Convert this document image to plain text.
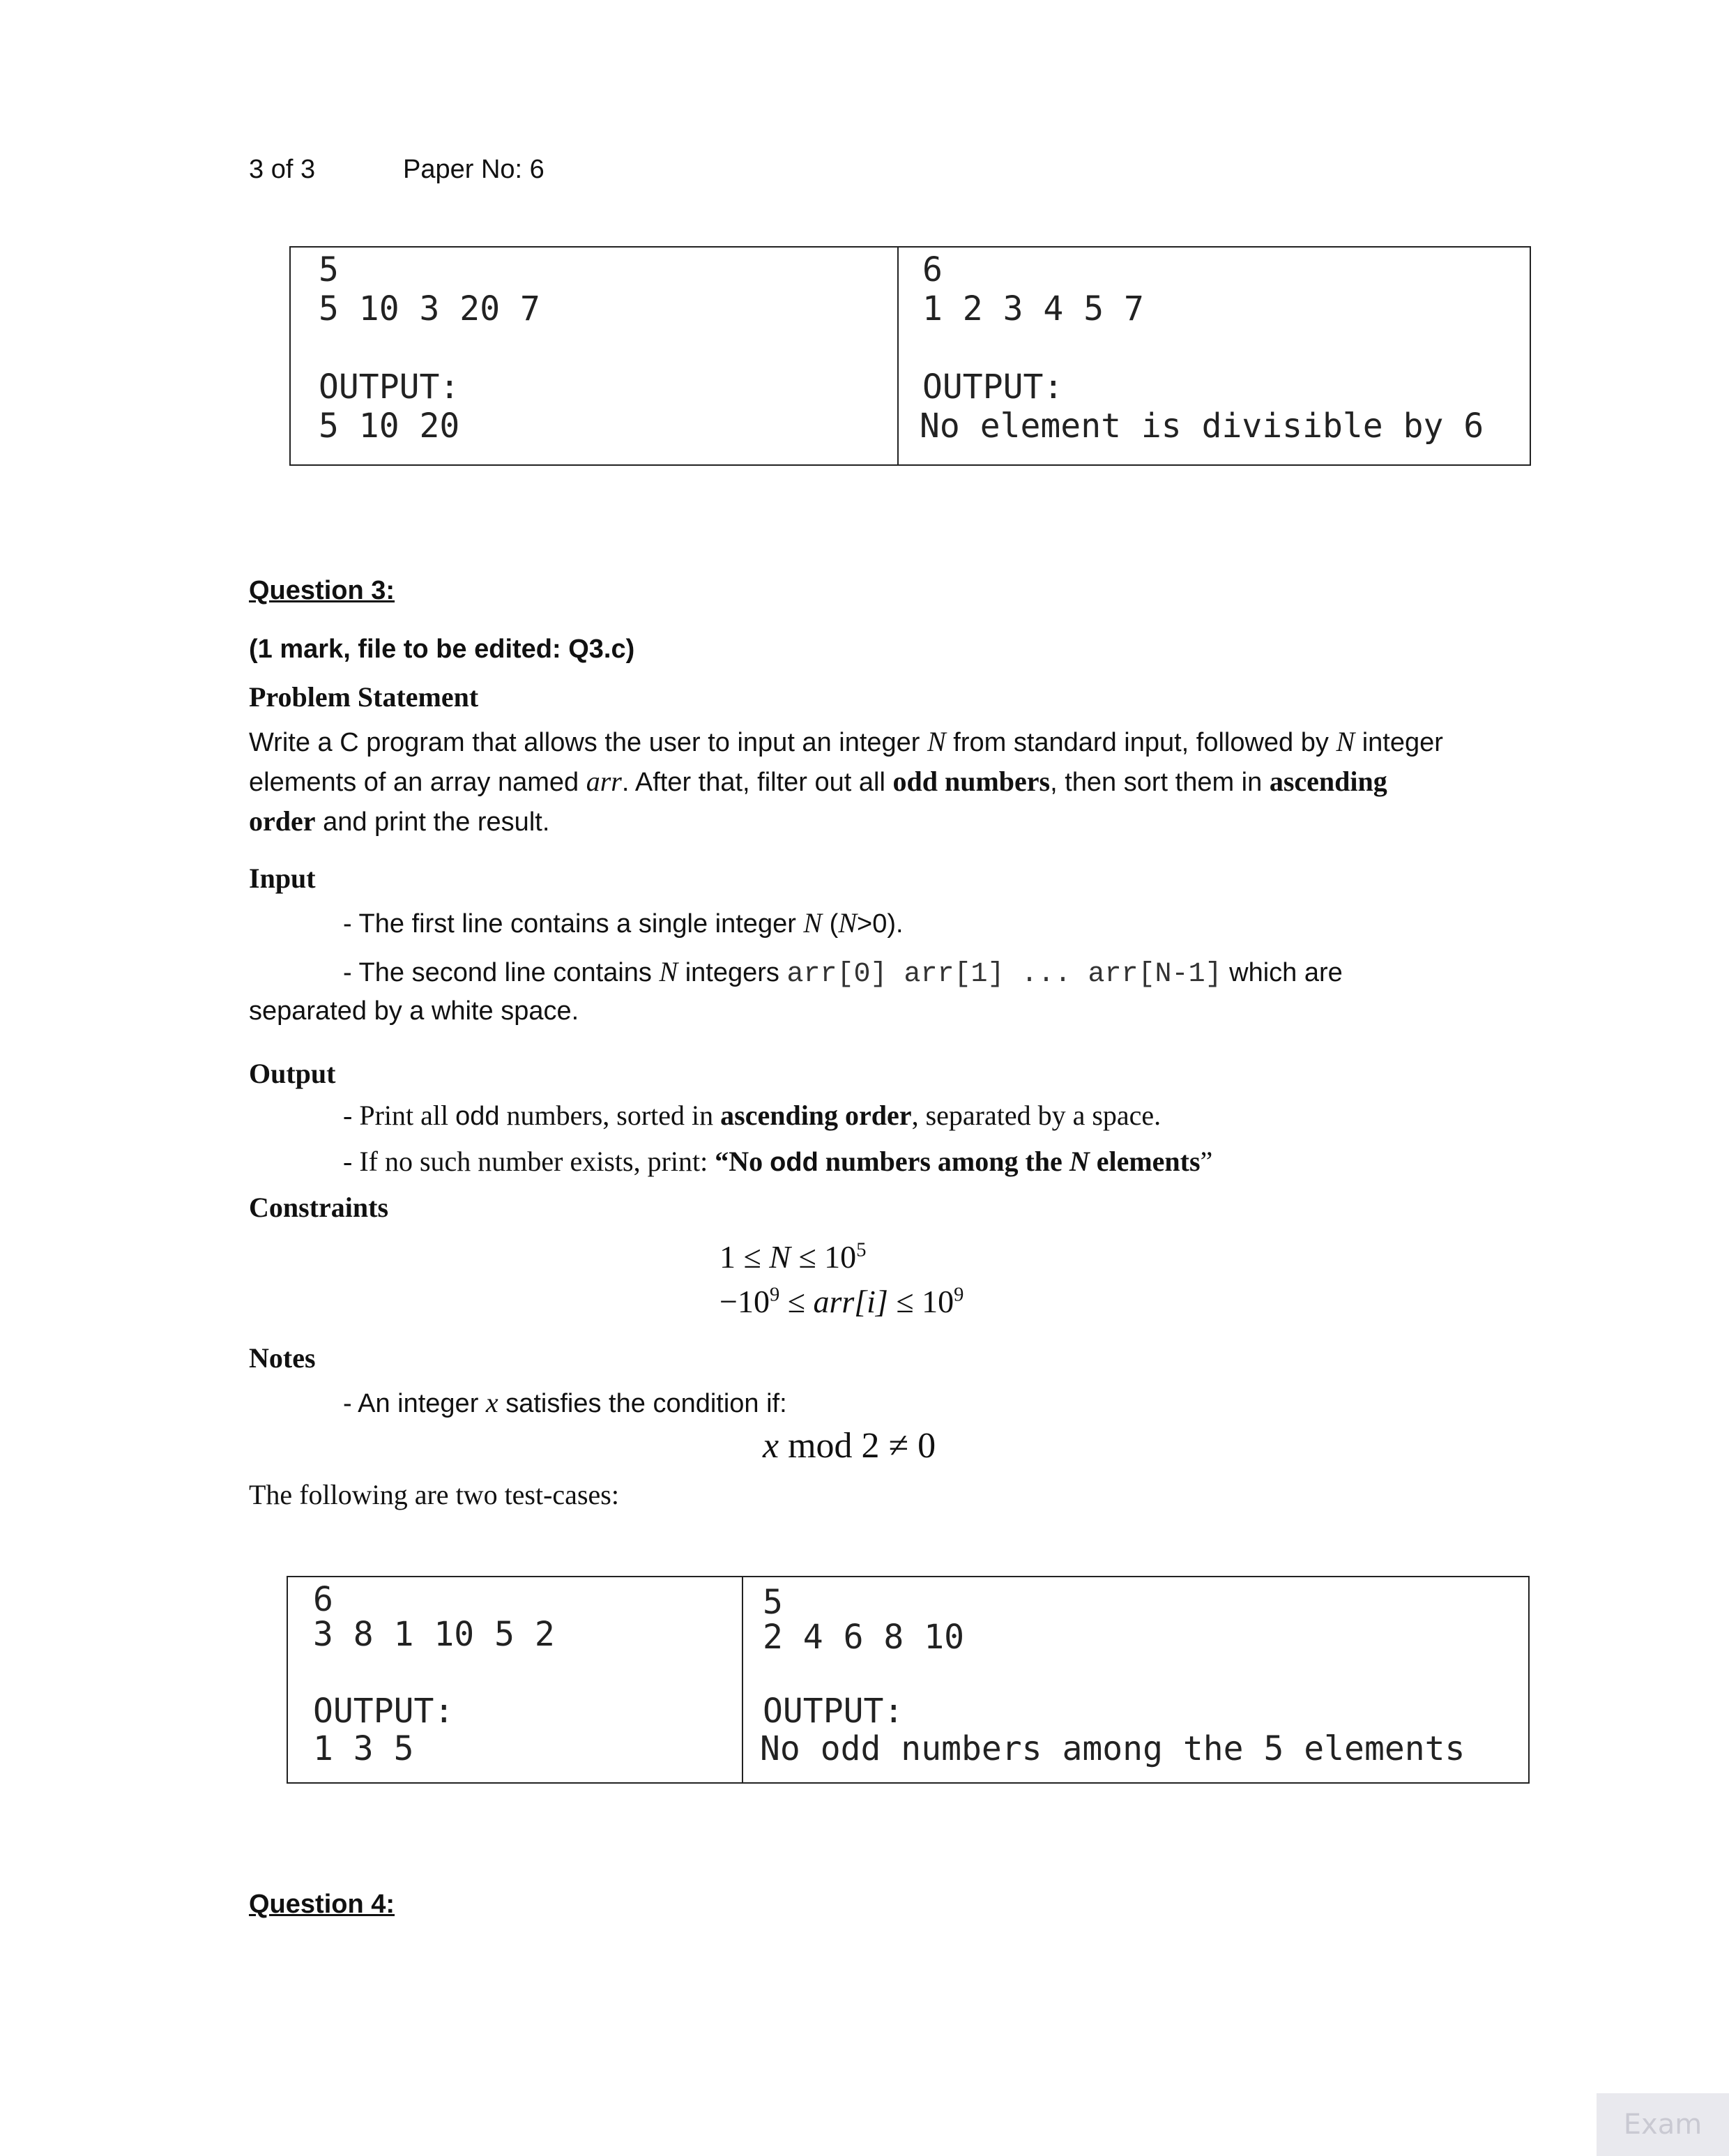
3 of 3	Paper No: 6
5
5 10 3 20 7
OUTPUT:
5 10 20
6
1 2 3 4 5 7
OUTPUT:
No element is divisible by 6
Question 3:
(1 mark, file to be edited: Q3.c)
Problem Statement
Write a C program that allows the user to input an integer N from standard input, followed by N integer
elements of an array named arr. After that, filter out all odd numbers, then sort them in ascending
order and print the result.
Input
- The first line contains a single integer N (N>0).
- The second line contains N integers arr[0] arr[1] ... arr[N-1] which are
separated by a white space.
Output
- Print all odd numbers, sorted in ascending order, separated by a space.
- If no such number exists, print: “No odd numbers among the N elements”
Constraints
$1 \le N \le 10^5$
$-10^9 \le arr[i] \le 10^9$
Notes
- An integer x satisfies the condition if:
x mod 2 ≠ 0
The following are two test-cases:
6
3 8 1 10 5 2
OUTPUT:
1 3 5
5
2 4 6 8 10
OUTPUT:
No odd numbers among the 5 elements
Question 4:
Exam
